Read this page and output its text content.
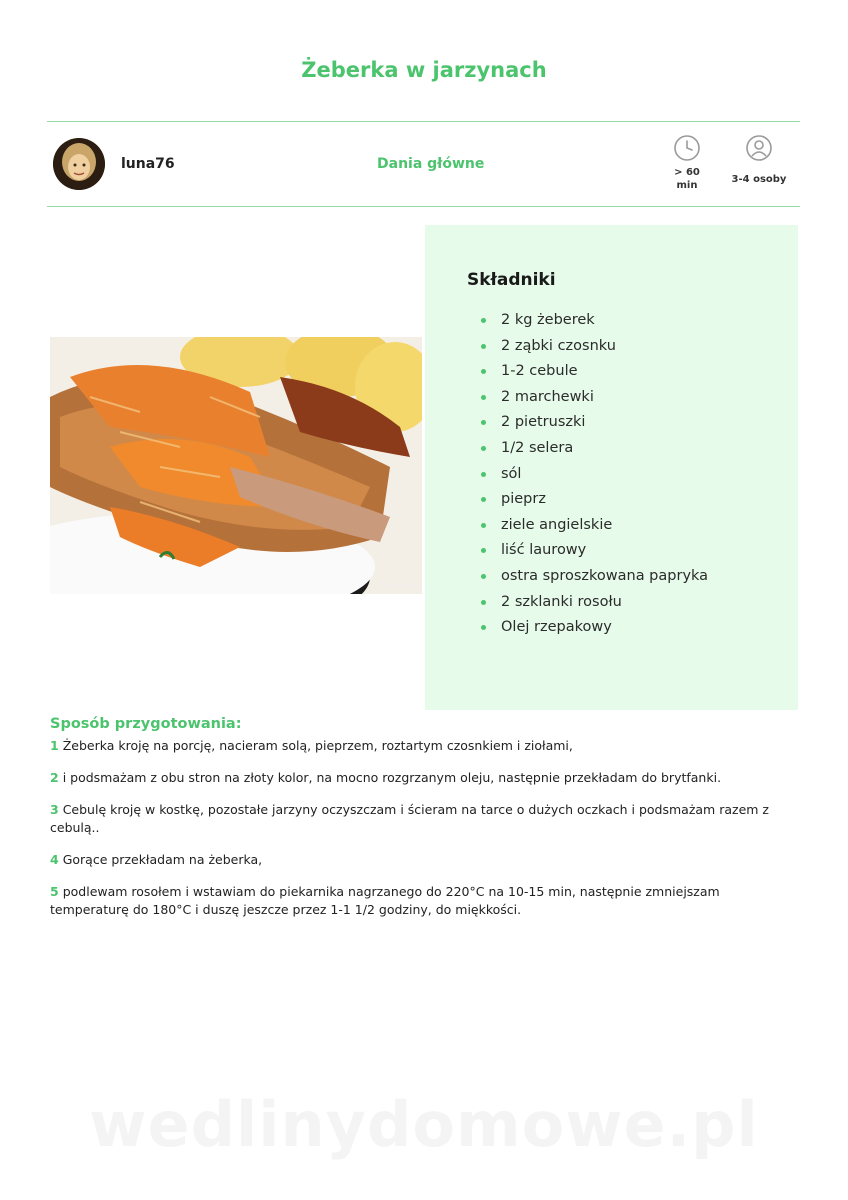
Żeberka w jarzynach
luna76	Dania główne
> 60
min
3-4 osoby
fot. B. Ku
Składniki
2 kg żeberek
2 ząbki czosnku
1-2 cebule
2 marchewki
2 pietruszki
1/2 selera
sól
pieprz
ziele angielskie
liść laurowy
ostra sproszkowana papryka
2 szklanki rosołu
Olej rzepakowy
Sposób przygotowania:

1 Żeberka kroję na porcję, nacieram solą, pieprzem, roztartym czosnkiem i ziołami,

2 i podsmażam z obu stron na złoty kolor, na mocno rozgrzanym oleju, następnie przekładam do brytfanki.

3 Cebulę kroję w kostkę, pozostałe jarzyny oczyszczam i ścieram na tarce o dużych oczkach i podsmażam razem z cebulą..

4 Gorące przekładam na żeberka,

5 podlewam rosołem i wstawiam do piekarnika nagrzanego do 220°C na 10-15 min, następnie zmniejszam temperaturę do 180°C i duszę jeszcze przez 1-1 1/2 godziny, do miękkości.

wedlinydomowe.pl
